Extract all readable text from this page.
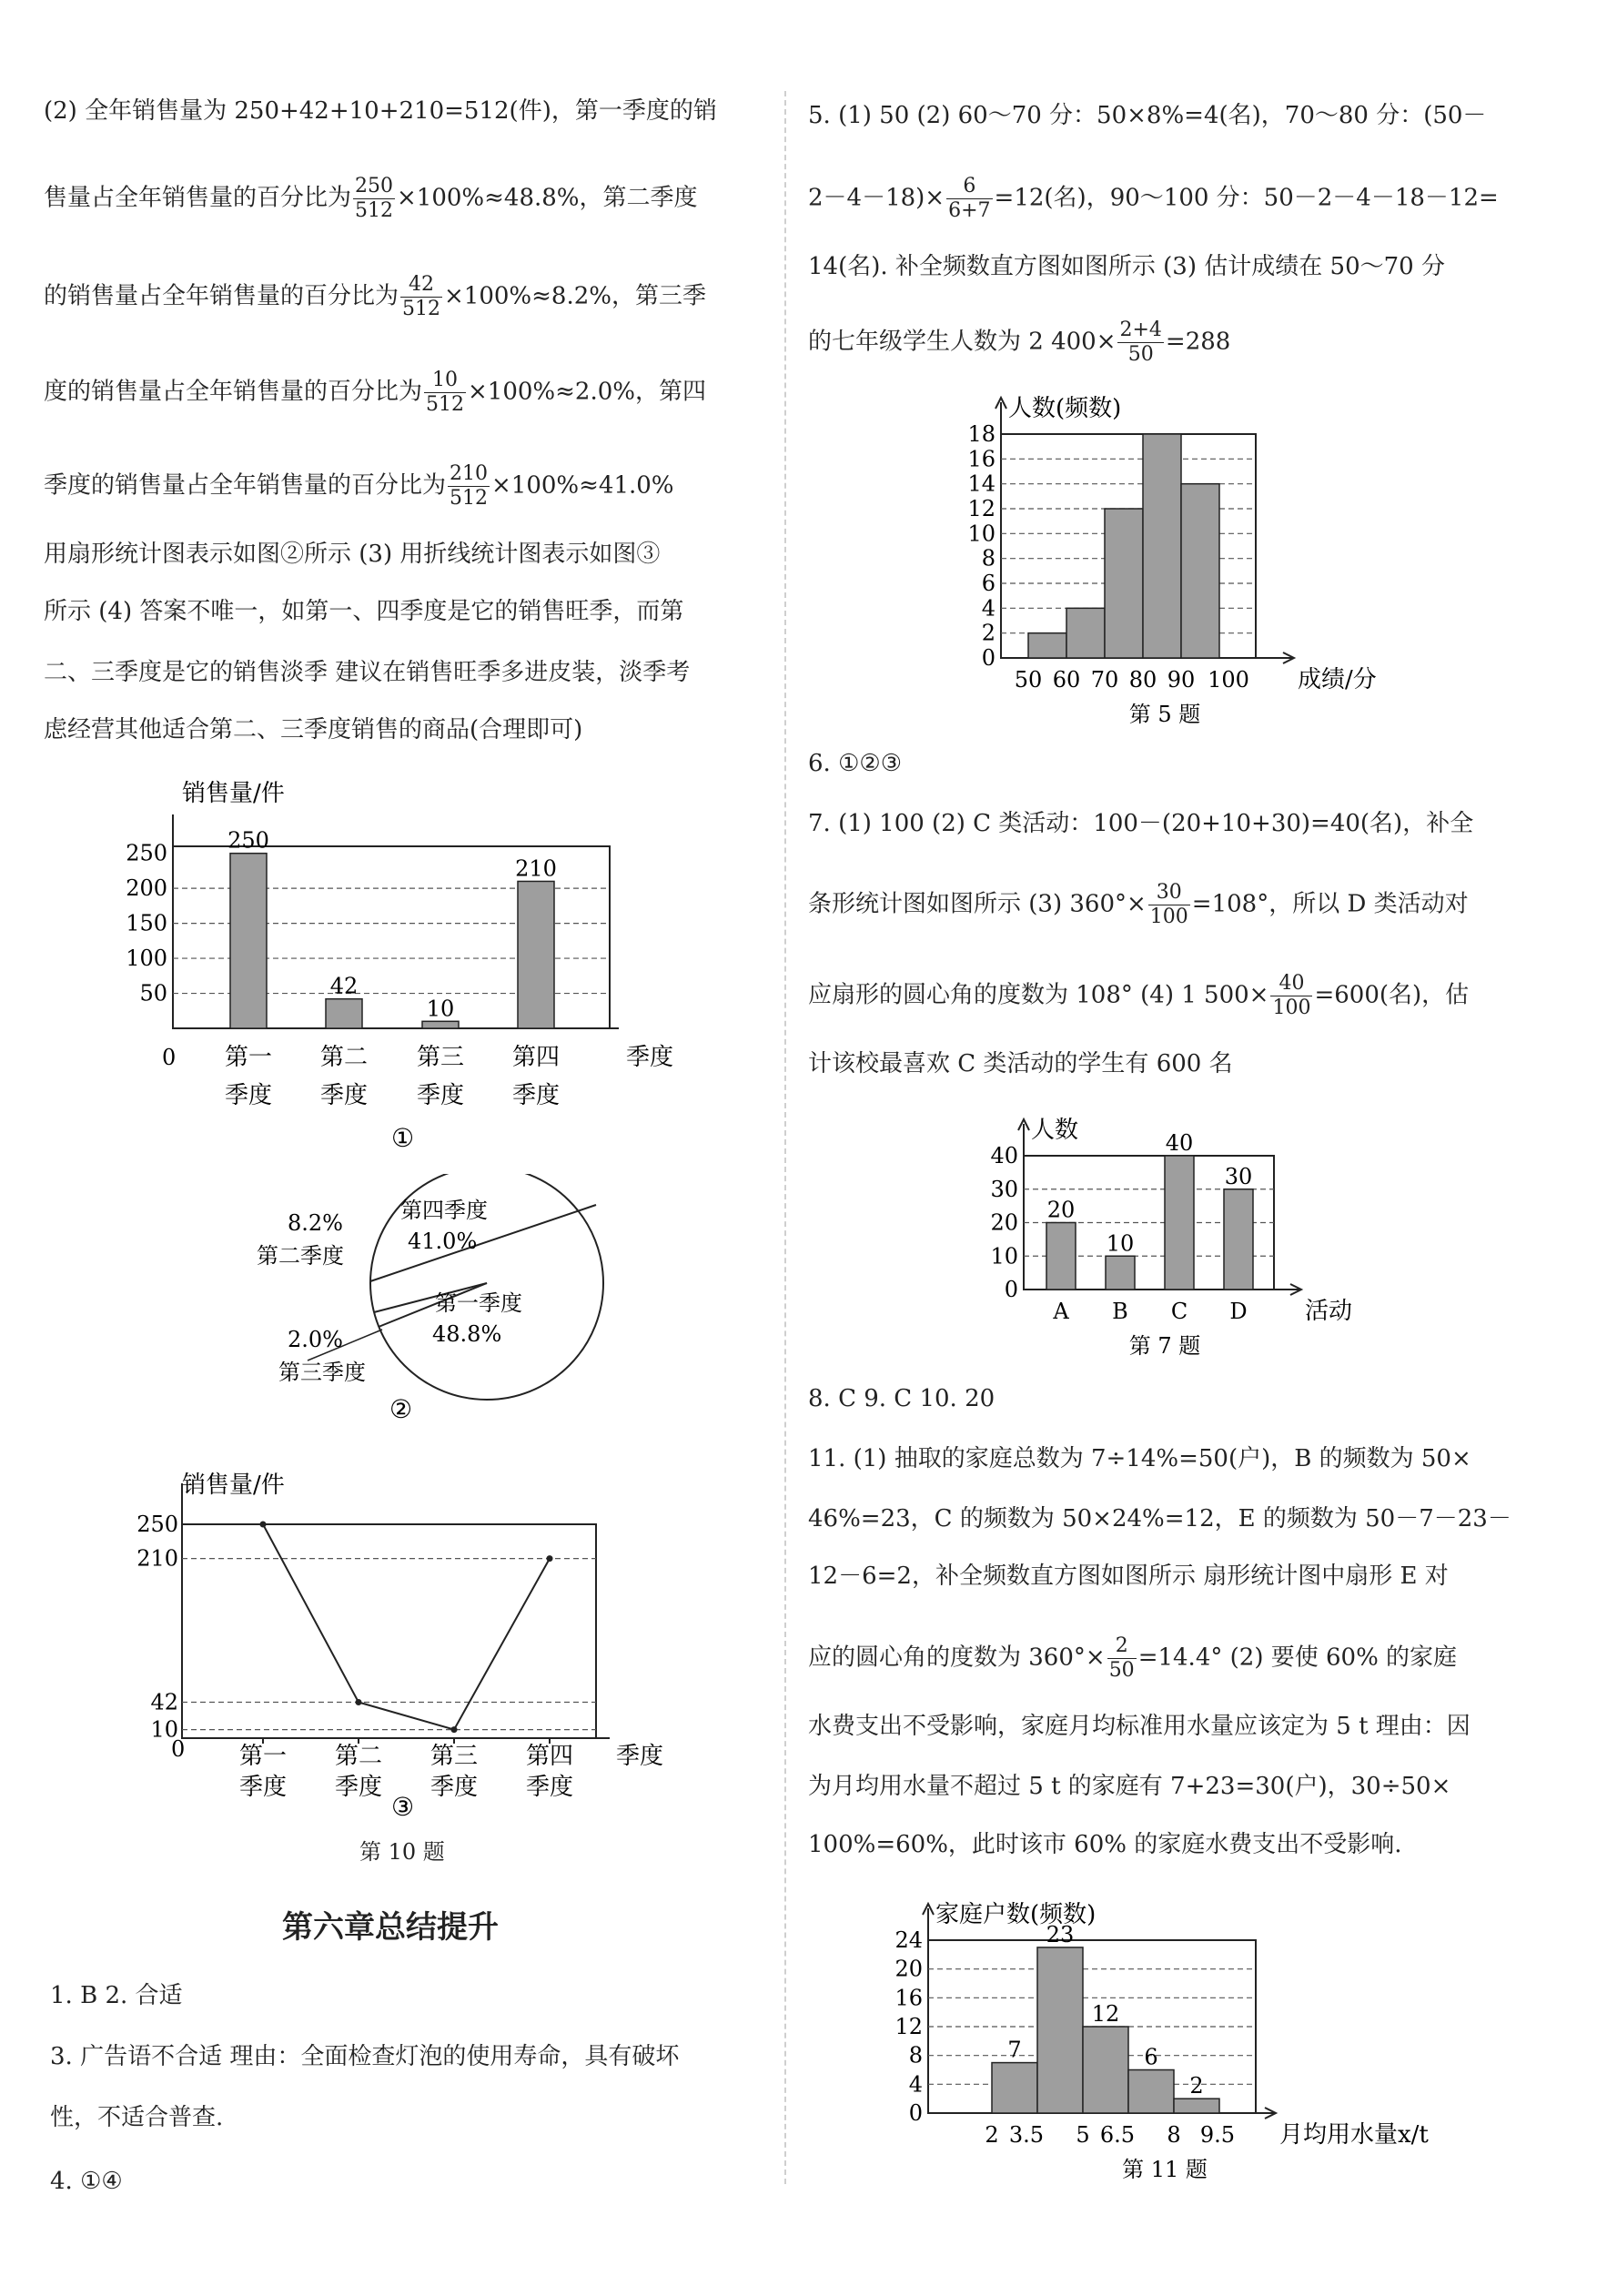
(2) 全年销售量为 250+42+10+210=512(件)，第一季度的销

售量占全年销售量的百分比为 $\frac{250}{512} \times 100\%\approx 48.8\%$，第二季度

的销售量占全年销售量的百分比为 $\frac{42}{512} \times 100\%\approx 8.2\%$，第三季

度的销售量占全年销售量的百分比为 $\frac{10}{512} \times 100\%\approx 2.0\%$，第四

季度的销售量占全年销售量的百分比为 $\frac{210}{512} \times 100\%\approx 41.0\%$

用扇形统计图表示如图②所示 (3) 用折线统计图表示如图③

所示 (4) 答案不唯一，如第一、四季度是它的销售旺季，而第

二、三季度是它的销售淡季 建议在销售旺季多进皮装，淡季考

虑经营其他适合第二、三季度销售的商品(合理即可)

销售量/件
季度
0
①
250
200
150
100
50
250
第一
季度
42
第二
季度
10
第三
季度
210
第四
季度
第四季度
41.0%
第一季度
48.8%
8.2%
第二季度
2.0%
第三季度
②
销售量/件
季度
0
③
250
210
42
10
第一
季度
第二
季度
第三
季度
第四
季度
第 10 题
第六章总结提升

1. B 2. 合适

3. 广告语不合适 理由：全面检查灯泡的使用寿命，具有破坏

性，不适合普查.

4. ①④

5. (1) 50 (2) 60～70 分：50×8%=4(名)，70～80 分：(50－

$2-4-18)\times \frac{6}{6+7} =12$(名)，90～100 分：50－2－4－18－12=

14(名). 补全频数直方图如图所示 (3) 估计成绩在 50～70 分

的七年级学生人数为 2 $400\times \frac{2+4}{50} =288$

6. ①②③

7. (1) 100 (2) C 类活动：100－(20+10+30)=40(名)，补全

条形统计图如图所示 (3) $360^\circ\times \frac{30}{100} =108^\circ$，所以 D 类活动对

应扇形的圆心角的度数为 108° (4) 1 $500\times \frac{40}{100} =600$(名)，估

计该校最喜欢 C 类活动的学生有 600 名

8. C 9. C 10. 20

11. (1) 抽取的家庭总数为 7÷14%=50(户)，B 的频数为 50×

46%=23，C 的频数为 50×24%=12，E 的频数为 50－7－23－

12－6=2，补全频数直方图如图所示 扇形统计图中扇形 E 对

应的圆心角的度数为 $360^\circ\times \frac{2}{50} =14.4^\circ$ (2) 要使 60% 的家庭

水费支出不受影响，家庭月均标准用水量应该定为 5 t 理由：因

为月均用水量不超过 5 t 的家庭有 7+23=30(户)，30÷50×

100%=60%，此时该市 60% 的家庭水费支出不受影响.

18
16
14
12
10
8
6
4
2
0
50 60 70 80 90 100
人数(频数)
成绩/分
第 5 题
40
30
20
10
0
20
10
40
30
A B C D
人数
活动
第 7 题
24
20
16
12
8
4
0
7
23
12
6
2
2 3.5 5 6.5 8 9.5
家庭户数(频数)
月均用水量x/t
第 11 题
